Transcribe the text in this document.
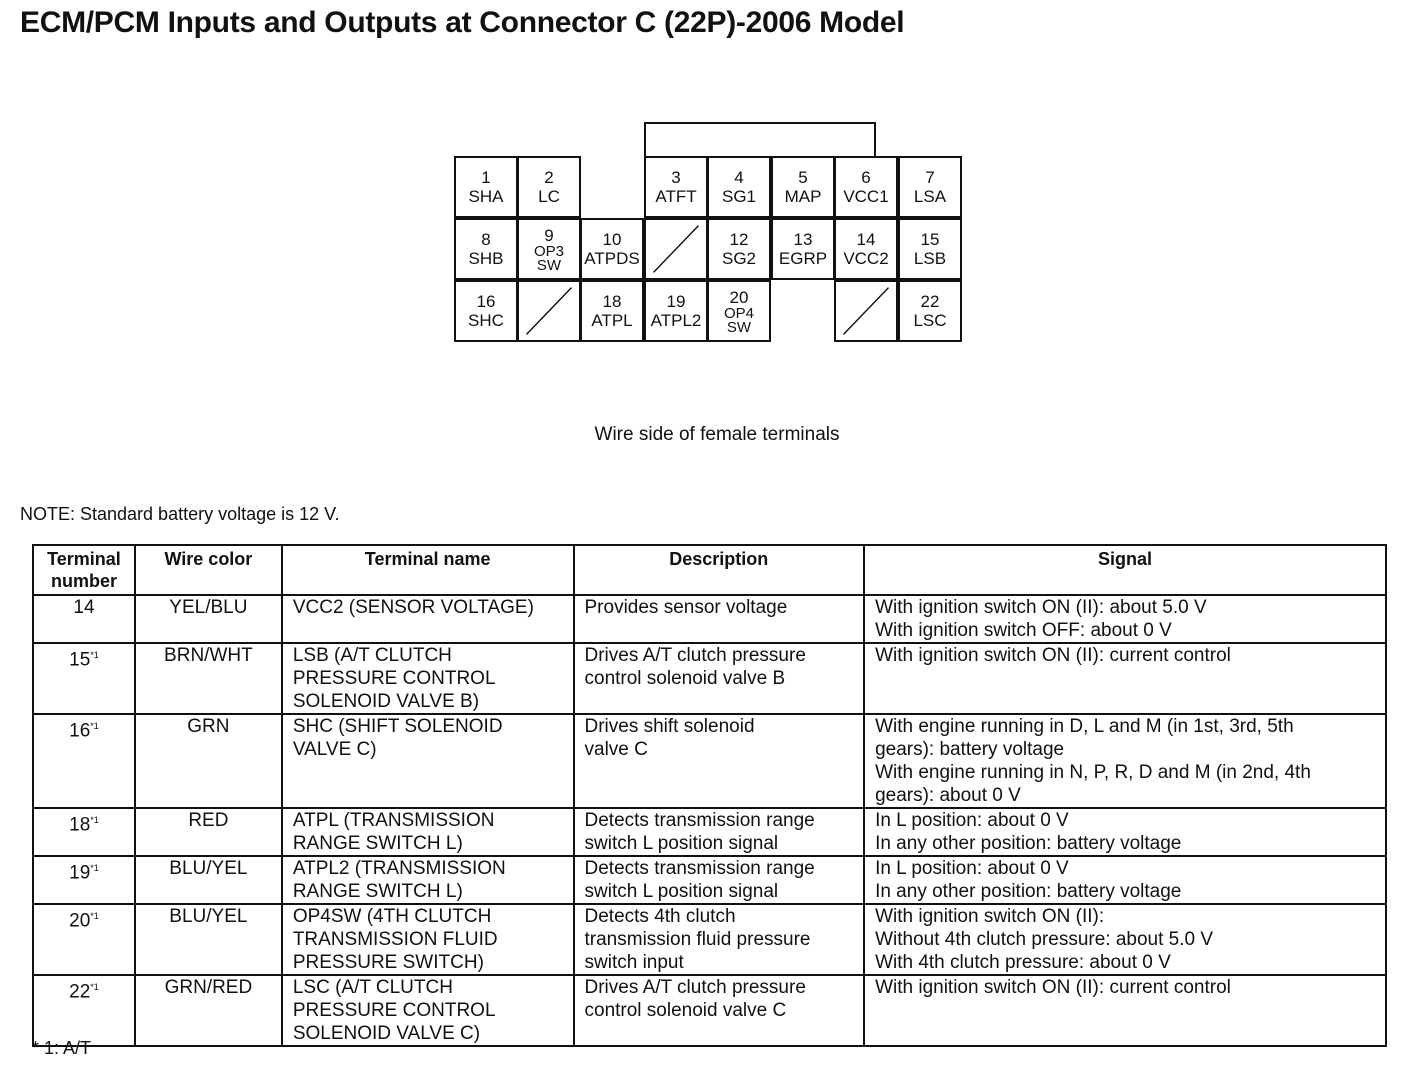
ECM/PCM Inputs and Outputs at Connector C (22P)-2006 Model
1
SHA
2
LC
3
ATFT
4
SG1
5
MAP
6
VCC1
7
LSA
8
SHB
9
OP3
SW
10
ATPDS
12
SG2
13
EGRP
14
VCC2
15
LSB
16
SHC
18
ATPL
19
ATPL2
20
OP4
SW
22
LSC
Wire side of female terminals
NOTE: Standard battery voltage is 12 V.
Terminal number	Wire color	Terminal name	Description	Signal
14	YEL/BLU	VCC2 (SENSOR VOLTAGE)	Provides sensor voltage	With ignition switch ON (II): about 5.0 V
With ignition switch OFF: about 0 V

15$^{*1}$	BRN/WHT	LSB (A/T CLUTCH
PRESSURE CONTROL
SOLENOID VALVE B)	Drives A/T clutch pressure
control solenoid valve B	With ignition switch ON (II): current control

16$^{*1}$	GRN	SHC (SHIFT SOLENOID
VALVE C)	Drives shift solenoid
valve C	With engine running in D, L and M (in 1st, 3rd, 5th
gears): battery voltage
With engine running in N, P, R, D and M (in 2nd, 4th
gears): about 0 V

18$^{*1}$	RED	ATPL (TRANSMISSION
RANGE SWITCH L)	Detects transmission range
switch L position signal	In L position: about 0 V
In any other position: battery voltage

19$^{*1}$	BLU/YEL	ATPL2 (TRANSMISSION
RANGE SWITCH L)	Detects transmission range
switch L position signal	In L position: about 0 V
In any other position: battery voltage

20$^{*1}$	BLU/YEL	OP4SW (4TH CLUTCH
TRANSMISSION FLUID
PRESSURE SWITCH)	Detects 4th clutch
transmission fluid pressure
switch input	With ignition switch ON (II):
Without 4th clutch pressure: about 5.0 V
With 4th clutch pressure: about 0 V

22$^{*1}$	GRN/RED	LSC (A/T CLUTCH
PRESSURE CONTROL
SOLENOID VALVE C)	Drives A/T clutch pressure
control solenoid valve C	With ignition switch ON (II): current control
* 1: A/T
